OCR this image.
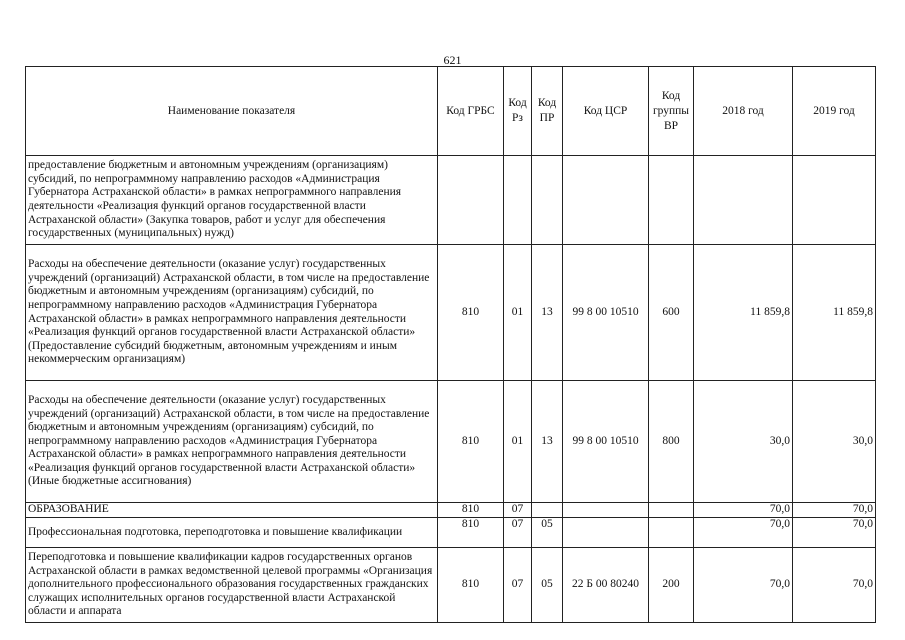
621
Наименование показателя	Код ГРБС	Код Рз	Код ПР	Код ЦСР	Код группы ВР	2018 год	2019 год
предоставление бюджетным и автономным учреждениям (организациям) субсидий, по непрограммному направлению расходов «Администрация Губернатора Астраханской области» в рамках непрограммного направления деятельности «Реализация функций органов государственной власти Астраханской области» (Закупка товаров, работ и услуг для обеспечения государственных (муниципальных) нужд)							
Расходы на обеспечение деятельности (оказание услуг) государственных учреждений (организаций) Астраханской области, в том числе на предоставление бюджетным и автономным учреждениям (организациям) субсидий, по непрограммному направлению расходов «Администрация Губернатора Астраханской области» в рамках непрограммного направления деятельности «Реализация функций органов государственной власти Астраханской области» (Предоставление субсидий бюджетным, автономным учреждениям и иным некоммерческим организациям)	810	01	13	99 8 00 10510	600	11 859,8	11 859,8
Расходы на обеспечение деятельности (оказание услуг) государственных учреждений (организаций) Астраханской области, в том числе на предоставление бюджетным и автономным учреждениям (организациям) субсидий, по непрограммному направлению расходов «Администрация Губернатора Астраханской области» в рамках непрограммного направления деятельности «Реализация функций органов государственной власти Астраханской области» (Иные бюджетные ассигнования)	810	01	13	99 8 00 10510	800	30,0	30,0
ОБРАЗОВАНИЕ	810	07				70,0	70,0
Профессиональная подготовка, переподготовка и повышение квалификации	810	07	05			70,0	70,0
Переподготовка и повышение квалификации кадров государственных органов Астраханской области в рамках ведомственной целевой программы «Организация дополнительного профессионального образования государственных гражданских служащих исполнительных органов государственной власти Астраханской области и аппарата	810	07	05	22 Б 00 80240	200	70,0	70,0
